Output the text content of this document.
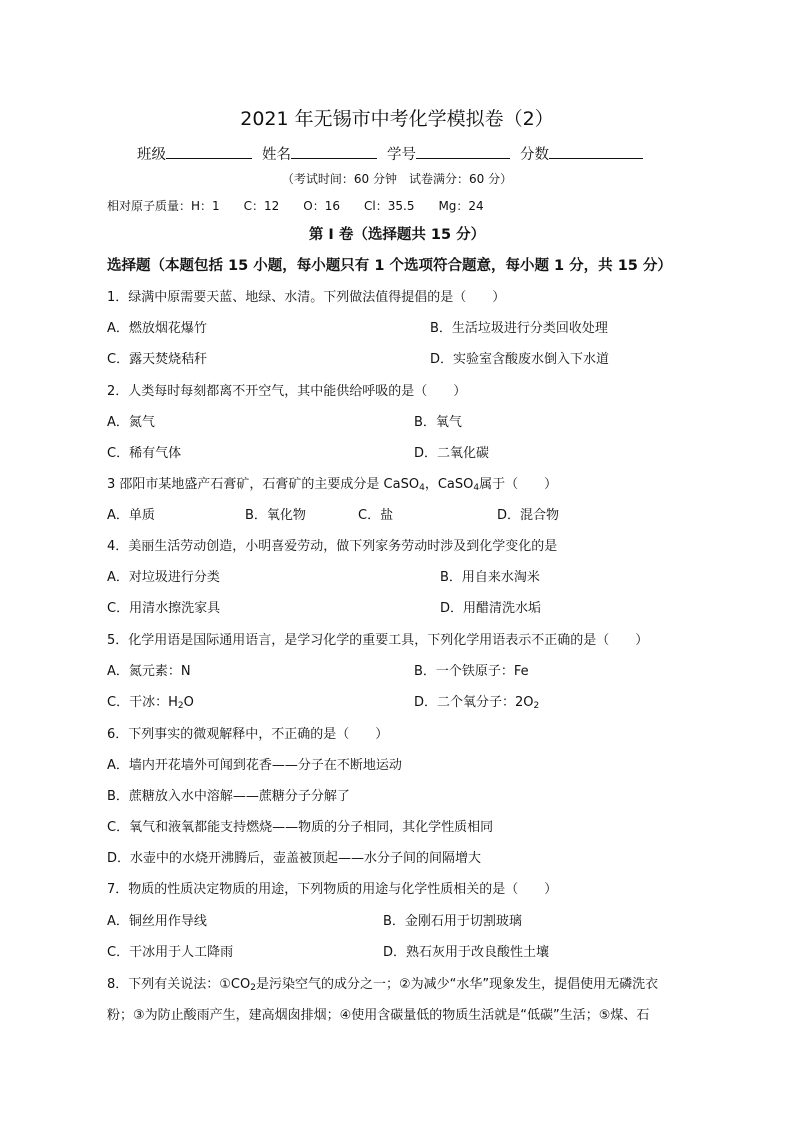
2021 年无锡市中考化学模拟卷（2）
班级	姓名	学号	分数
（考试时间：60 分钟　试卷满分：60 分）
相对原子质量：H：1　　C：12　　O：16　　Cl：35.5　　Mg：24
第 I 卷（选择题共 15 分）
选择题（本题包括 15 小题，每小题只有 1 个选项符合题意，每小题 1 分，共 15 分）
1．绿满中原需要天蓝、地绿、水清。下列做法值得提倡的是（　　）
A．燃放烟花爆竹	B．生活垃圾进行分类回收处理
C．露天焚烧秸秆	D．实验室含酸废水倒入下水道
2．人类每时每刻都离不开空气，其中能供给呼吸的是（　　）
A．氮气	B．氧气
C．稀有气体	D．二氧化碳
3 邵阳市某地盛产石膏矿，石膏矿的主要成分是 CaSO$_4$，CaSO$_4$属于（　　）
A．单质	B．氧化物	C．盐	D．混合物
4．美丽生活劳动创造，小明喜爱劳动，做下列家务劳动时涉及到化学变化的是
A．对垃圾进行分类	B．用自来水淘米
C．用清水擦洗家具	D．用醋清洗水垢
5．化学用语是国际通用语言，是学习化学的重要工具，下列化学用语表示不正确的是（　　）
A．氮元素：N	B．一个铁原子：Fe
C．干冰：$H_2O$	D．二个氧分子：$2O_2$
6．下列事实的微观解释中，不正确的是（　　）
A．墙内开花墙外可闻到花香——分子在不断地运动
B．蔗糖放入水中溶解——蔗糖分子分解了
C．氧气和液氧都能支持燃烧——物质的分子相同，其化学性质相同
D．水壶中的水烧开沸腾后，壶盖被顶起——水分子间的间隔增大
7．物质的性质决定物质的用途，下列物质的用途与化学性质相关的是（　　）
A．铜丝用作导线	B．金刚石用于切割玻璃
C．干冰用于人工降雨	D．熟石灰用于改良酸性土壤
8．下列有关说法：$①CO_2$是污染空气的成分之一；②为减少“水华”现象发生，提倡使用无磷洗衣
粉；③为防止酸雨产生，建高烟囱排烟；④使用含碳量低的物质生活就是“低碳”生活；⑤煤、石
